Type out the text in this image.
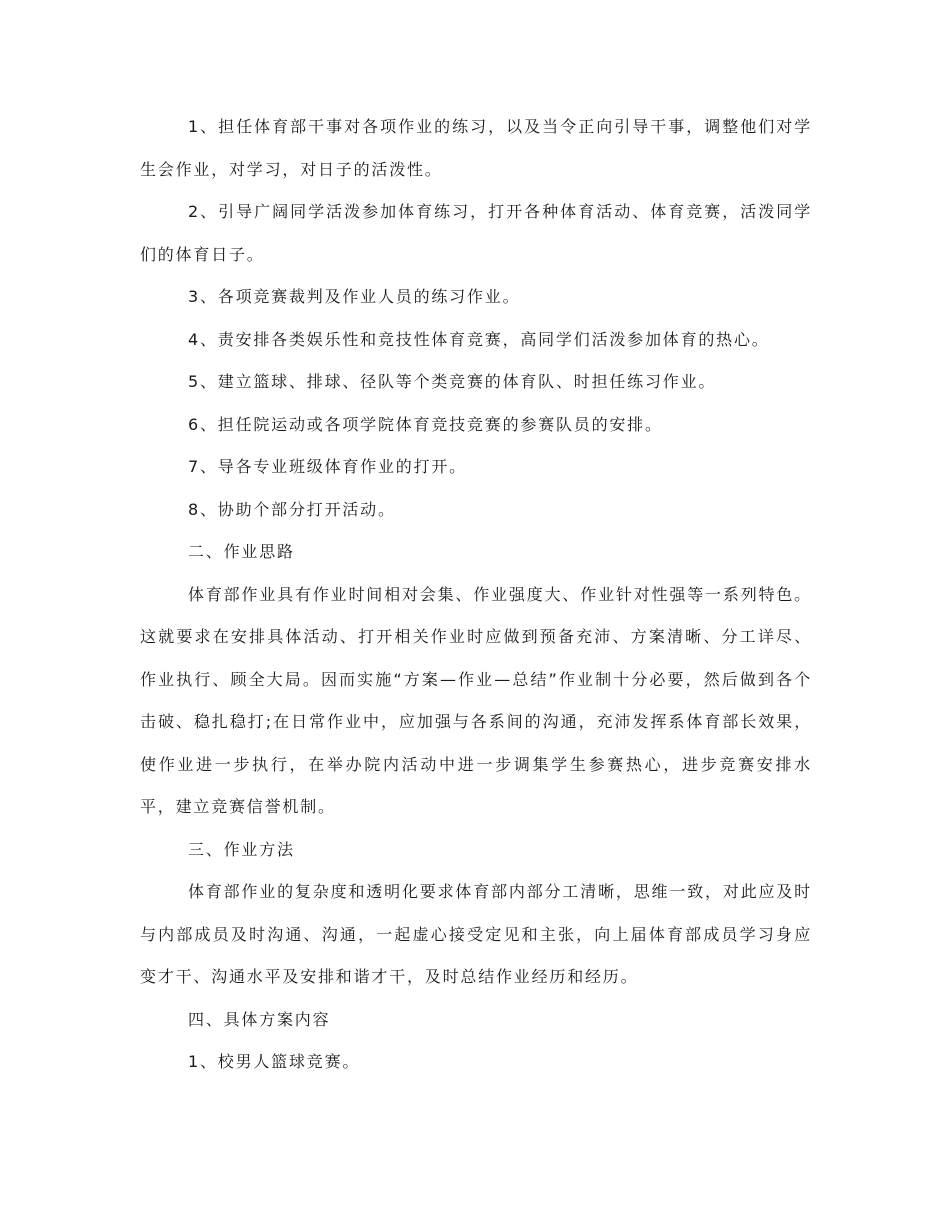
1、担任体育部干事对各项作业的练习，以及当令正向引导干事，调整他们对学生会作业，对学习，对日子的活泼性。

2、引导广阔同学活泼参加体育练习，打开各种体育活动、体育竞赛，活泼同学们的体育日子。

3、各项竞赛裁判及作业人员的练习作业。

4、责安排各类娱乐性和竞技性体育竞赛，高同学们活泼参加体育的热心。

5、建立篮球、排球、径队等个类竞赛的体育队、时担任练习作业。

6、担任院运动或各项学院体育竞技竞赛的参赛队员的安排。

7、导各专业班级体育作业的打开。

8、协助个部分打开活动。

二、作业思路

体育部作业具有作业时间相对会集、作业强度大、作业针对性强等一系列特色。这就要求在安排具体活动、打开相关作业时应做到预备充沛、方案清晰、分工详尽、作业执行、顾全大局。因而实施“方案—作业—总结”作业制十分必要，然后做到各个击破、稳扎稳打;在日常作业中，应加强与各系间的沟通，充沛发挥系体育部长效果，使作业进一步执行，在举办院内活动中进一步调集学生参赛热心，进步竞赛安排水平，建立竞赛信誉机制。

三、作业方法

体育部作业的复杂度和透明化要求体育部内部分工清晰，思维一致，对此应及时与内部成员及时沟通、沟通，一起虚心接受定见和主张，向上届体育部成员学习身应变才干、沟通水平及安排和谐才干，及时总结作业经历和经历。

四、具体方案内容

1、校男人篮球竞赛。
